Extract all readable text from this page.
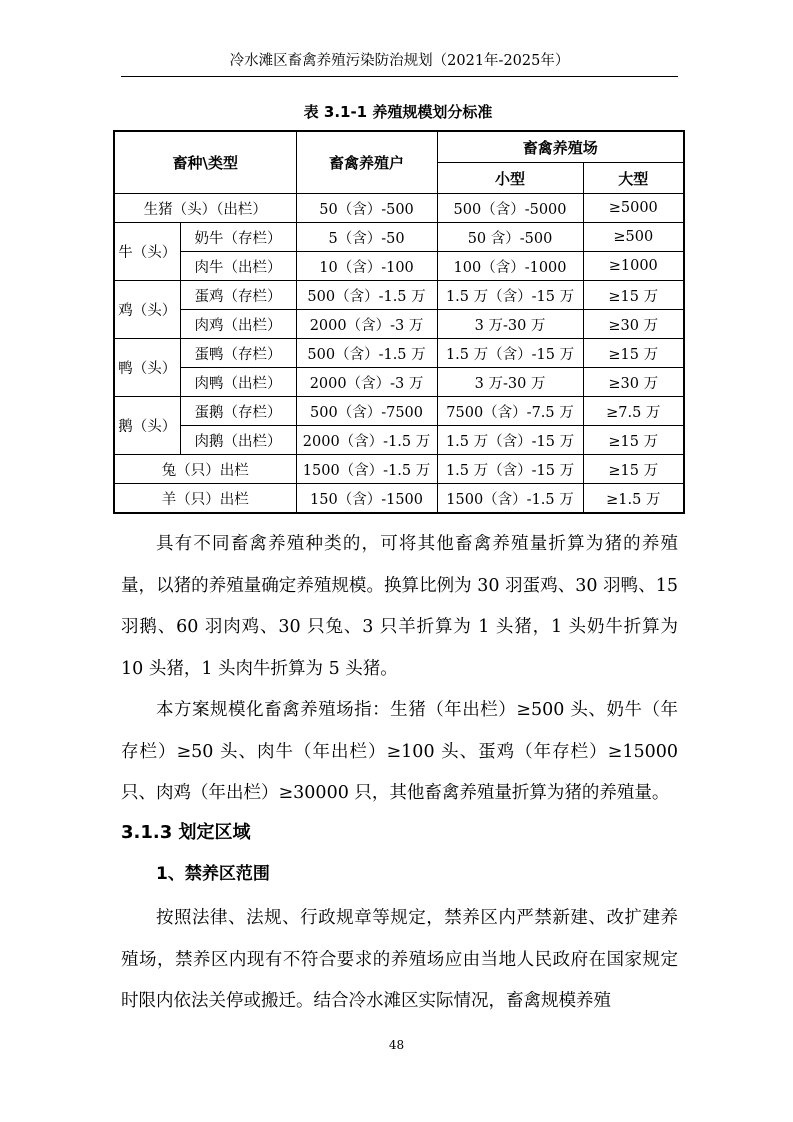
冷水滩区畜禽养殖污染防治规划（2021年-2025年）
表 3.1-1 养殖规模划分标准
畜种\类型		畜禽养殖户	畜禽养殖场	
			小型	大型
生猪（头）（出栏）		50（含）-500	500（含）-5000	≥5000
牛（头）	奶牛（存栏）	5（含）-50	50 含）-500	≥500
	肉牛（出栏）	10（含）-100	100（含）-1000	≥1000
鸡（头）	蛋鸡（存栏）	500（含）-1.5 万	1.5 万（含）-15 万	≥15 万
	肉鸡（出栏）	2000（含）-3 万	3 万-30 万	≥30 万
鸭（头）	蛋鸭（存栏）	500（含）-1.5 万	1.5 万（含）-15 万	≥15 万
	肉鸭（出栏）	2000（含）-3 万	3 万-30 万	≥30 万
鹅（头）	蛋鹅（存栏）	500（含）-7500	7500（含）-7.5 万	≥7.5 万
	肉鹅（出栏）	2000（含）-1.5 万	1.5 万（含）-15 万	≥15 万
兔（只）出栏		1500（含）-1.5 万	1.5 万（含）-15 万	≥15 万
羊（只）出栏		150（含）-1500	1500（含）-1.5 万	≥1.5 万

具有不同畜禽养殖种类的，可将其他畜禽养殖量折算为猪的养殖量，以猪的养殖量确定养殖规模。换算比例为 30 羽蛋鸡、30 羽鸭、15 羽鹅、60 羽肉鸡、30 只兔、3 只羊折算为 1 头猪，1 头奶牛折算为 10 头猪，1 头肉牛折算为 5 头猪。

本方案规模化畜禽养殖场指：生猪（年出栏）≥500 头、奶牛（年存栏）≥50 头、肉牛（年出栏）≥100 头、蛋鸡（年存栏）≥15000 只、肉鸡（年出栏）≥30000 只，其他畜禽养殖量折算为猪的养殖量。

3.1.3 划定区域
1、禁养区范围

按照法律、法规、行政规章等规定，禁养区内严禁新建、改扩建养殖场，禁养区内现有不符合要求的养殖场应由当地人民政府在国家规定时限内依法关停或搬迁。结合冷水滩区实际情况，畜禽规模养殖

48
